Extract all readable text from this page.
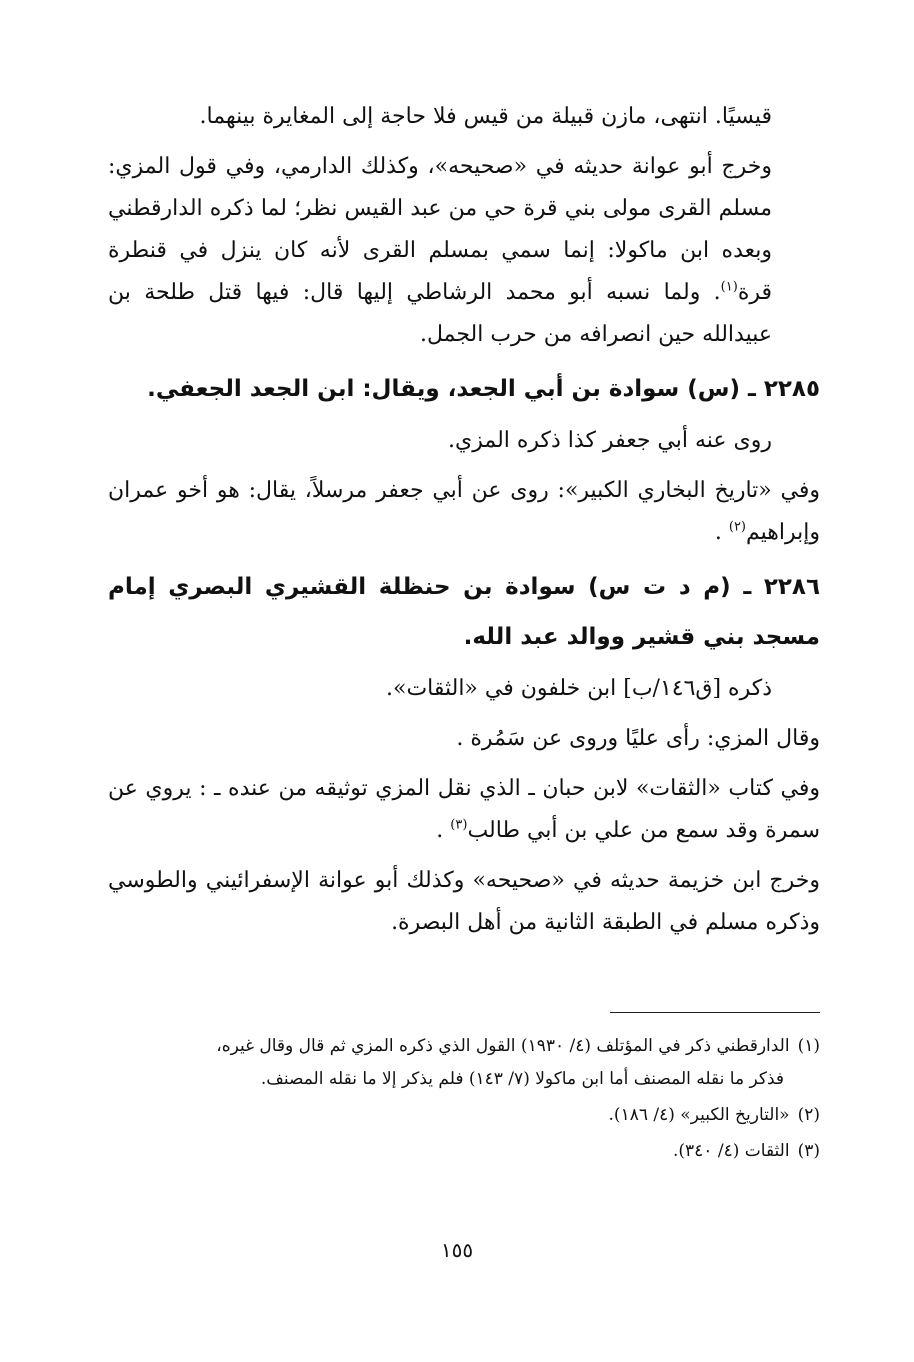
قيسيًا. انتهى، مازن قبيلة من قيس فلا حاجة إلى المغايرة بينهما.

وخرج أبو عوانة حديثه في «صحيحه»، وكذلك الدارمي، وفي قول المزي: مسلم القرى مولى بني قرة حي من عبد القيس نظر؛ لما ذكره الدارقطني وبعده ابن ماكولا: إنما سمي بمسلم القرى لأنه كان ينزل في قنطرة قرة$^{(١)}$. ولما نسبه أبو محمد الرشاطي إليها قال: فيها قتل طلحة بن عبيدالله حين انصرافه من حرب الجمل.

٢٢٨٥ ـ (س) سوادة بن أبي الجعد، ويقال: ابن الجعد الجعفي.

روى عنه أبي جعفر كذا ذكره المزي.

وفي «تاريخ البخاري الكبير»: روى عن أبي جعفر مرسلاً، يقال: هو أخو عمران وإبراهيم$^{(٢)}$ .

٢٢٨٦ ـ (م د ت س) سوادة بن حنظلة القشيري البصري إمام مسجد بني قشير ووالد عبد الله.

ذكره [ق١٤٦/ب] ابن خلفون في «الثقات».

وقال المزي: رأى عليًا وروى عن سَمُرة .

وفي كتاب «الثقات» لابن حبان ـ الذي نقل المزي توثيقه من عنده ـ : يروي عن سمرة وقد سمع من علي بن أبي طالب$^{(٣)}$ .

وخرج ابن خزيمة حديثه في «صحيحه» وكذلك أبو عوانة الإسفرائيني والطوسي وذكره مسلم في الطبقة الثانية من أهل البصرة.

(١)الدارقطني ذكر في المؤتلف (٤/ ١٩٣٠) القول الذي ذكره المزي ثم قال وقال غيره،
فذكر ما نقله المصنف أما ابن ماكولا (٧/ ١٤٣) فلم يذكر إلا ما نقله المصنف.
(٢)«التاريخ الكبير» (٤/ ١٨٦).
(٣)الثقات (٤/ ٣٤٠).
١٥٥
